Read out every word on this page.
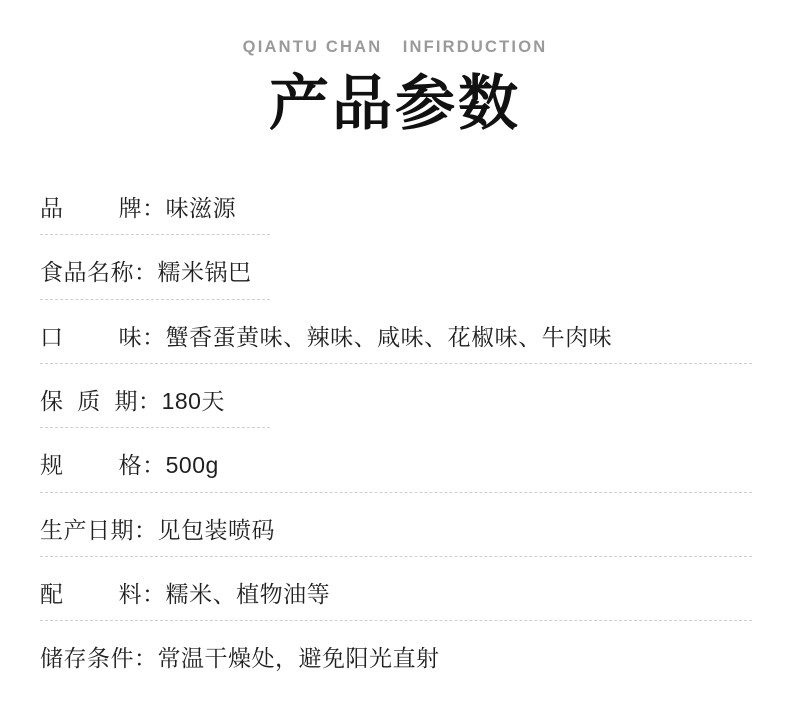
QIANTU CHAN   INFIRDUCTION
产品参数
品        牌： 味滋源
食品名称： 糯米锅巴
口        味： 蟹香蛋黄味、辣味、咸味、花椒味、牛肉味
保  质  期： 180天
规        格： 500g
生产日期： 见包装喷码
配        料： 糯米、植物油等
储存条件： 常温干燥处，避免阳光直射
